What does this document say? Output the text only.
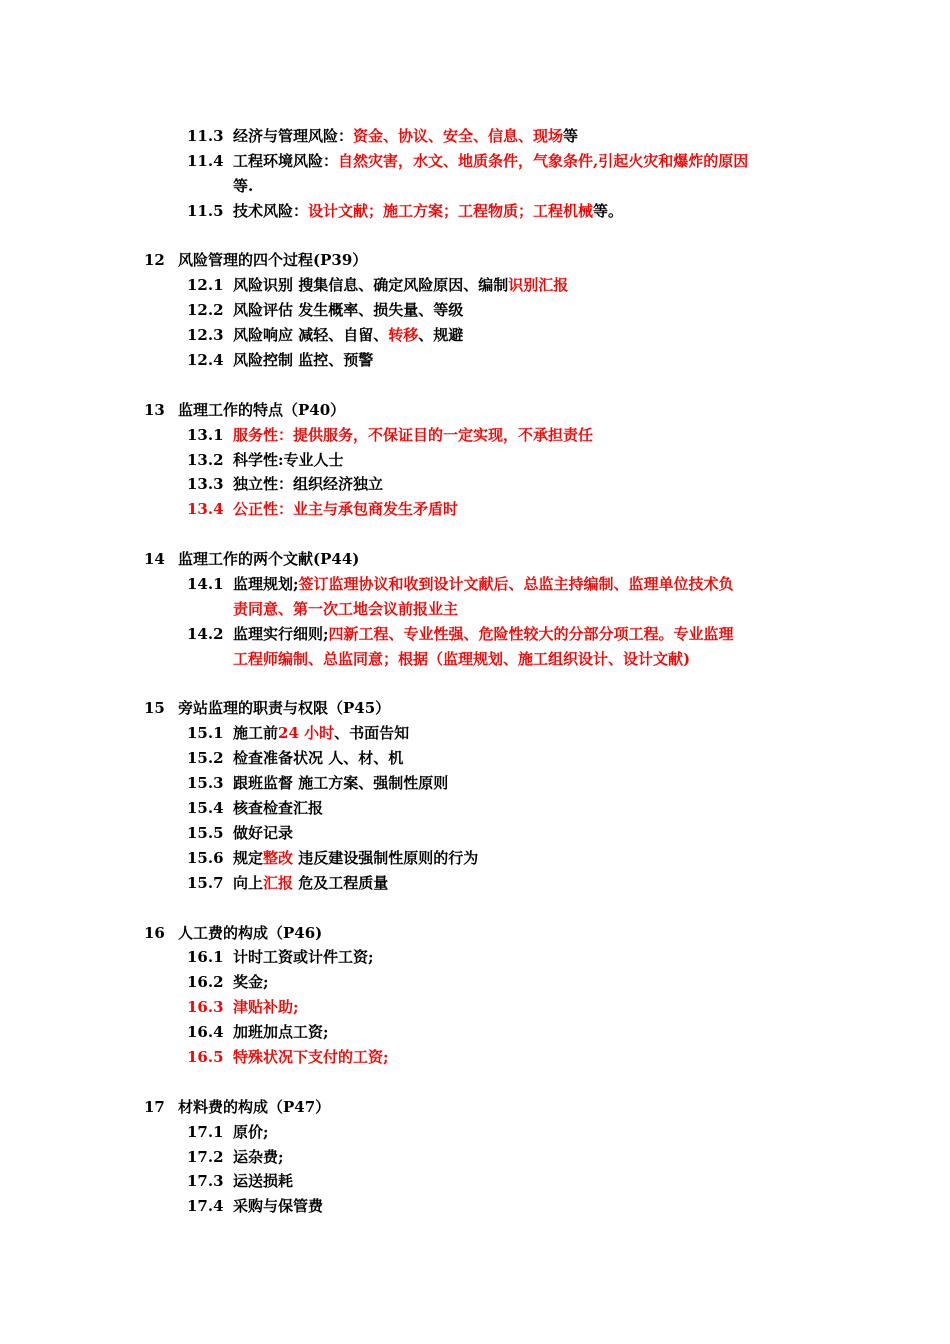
11.3 经济与管理风险：资金、协议、安全、信息、现场等
11.4 工程环境风险：自然灾害，水文、地质条件，气象条件,引起火灾和爆炸的原因
等.
11.5 技术风险：设计文献；施工方案；工程物质；工程机械等。
12 风险管理的四个过程(P39）
12.1 风险识别 搜集信息、确定风险原因、编制识别汇报
12.2 风险评估 发生概率、损失量、等级
12.3 风险响应 减轻、自留、转移、规避
12.4 风险控制 监控、预警
13 监理工作的特点（P40）
13.1 服务性：提供服务，不保证目的一定实现，不承担责任
13.2 科学性:专业人士
13.3 独立性：组织经济独立
13.4 公正性：业主与承包商发生矛盾时
14 监理工作的两个文献(P44)
14.1 监理规划;签订监理协议和收到设计文献后、总监主持编制、监理单位技术负
责同意、第一次工地会议前报业主
14.2 监理实行细则;四新工程、专业性强、危险性较大的分部分项工程。专业监理
工程师编制、总监同意；根据（监理规划、施工组织设计、设计文献)
15 旁站监理的职责与权限（P45）
15.1 施工前24 小时、书面告知
15.2 检查准备状况 人、材、机
15.3 跟班监督 施工方案、强制性原则
15.4 核查检查汇报
15.5 做好记录
15.6 规定整改 违反建设强制性原则的行为
15.7 向上汇报 危及工程质量
16 人工费的构成（P46)
16.1 计时工资或计件工资;
16.2 奖金;
16.3 津贴补助;
16.4 加班加点工资;
16.5 特殊状况下支付的工资;
17 材料费的构成（P47）
17.1 原价;
17.2 运杂费;
17.3 运送损耗
17.4 采购与保管费
